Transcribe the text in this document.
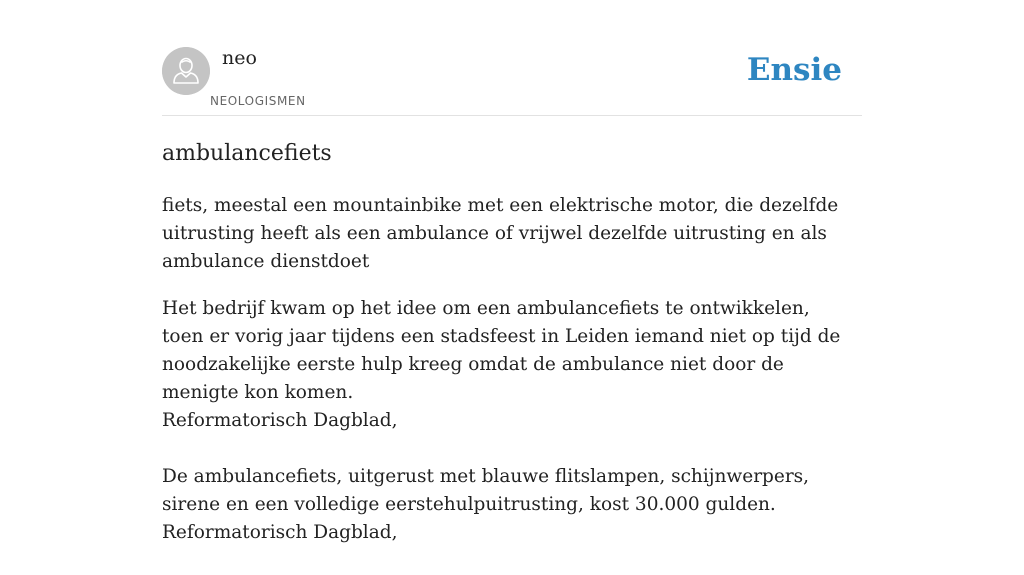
neo
NEOLOGISMEN
Ensie
ambulancefiets

fiets, meestal een mountainbike met een elektrische motor, die dezelfde uitrusting heeft als een ambulance of vrijwel dezelfde uitrusting en als ambulance dienstdoet

Het bedrijf kwam op het idee om een ambulancefiets te ontwikkelen, toen er vorig jaar tijdens een stadsfeest in Leiden iemand niet op tijd de noodzakelijke eerste hulp kreeg omdat de ambulance niet door de menigte kon komen.
Reformatorisch Dagblad,

De ambulancefiets, uitgerust met blauwe flitslampen, schijnwerpers, sirene en een volledige eerstehulpuitrusting, kost 30.000 gulden.
Reformatorisch Dagblad,
